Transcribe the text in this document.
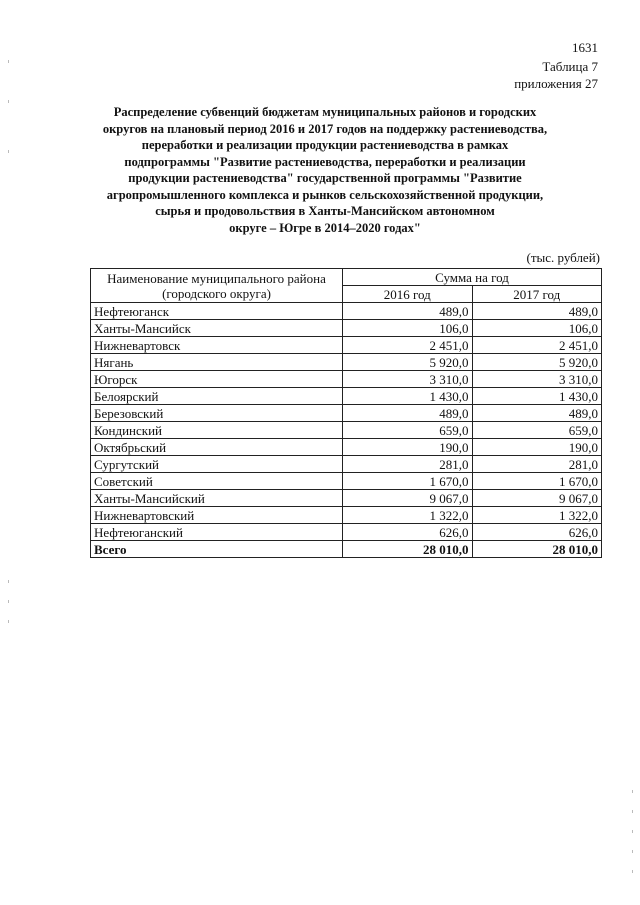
1631
Таблица 7
приложения 27
Распределение субвенций бюджетам муниципальных районов и городских
округов на плановый период 2016 и 2017 годов на поддержку растениеводства,
переработки и реализации продукции растениеводства в рамках
подпрограммы "Развитие растениеводства, переработки и реализации
продукции растениеводства" государственной программы "Развитие
агропромышленного комплекса и рынков сельскохозяйственной продукции,
сырья и продовольствия в Ханты-Мансийском автономном
округе – Югре в 2014–2020 годах"
(тыс. рублей)
Наименование муниципального района
(городского округа)	Сумма на год	
	2016 год	2017 год
Нефтеюганск	489,0	489,0
Ханты-Мансийск	106,0	106,0
Нижневартовск	2 451,0	2 451,0
Нягань	5 920,0	5 920,0
Югорск	3 310,0	3 310,0
Белоярский	1 430,0	1 430,0
Березовский	489,0	489,0
Кондинский	659,0	659,0
Октябрьский	190,0	190,0
Сургутский	281,0	281,0
Советский	1 670,0	1 670,0
Ханты-Мансийский	9 067,0	9 067,0
Нижневартовский	1 322,0	1 322,0
Нефтеюганский	626,0	626,0
Всего	28 010,0	28 010,0
